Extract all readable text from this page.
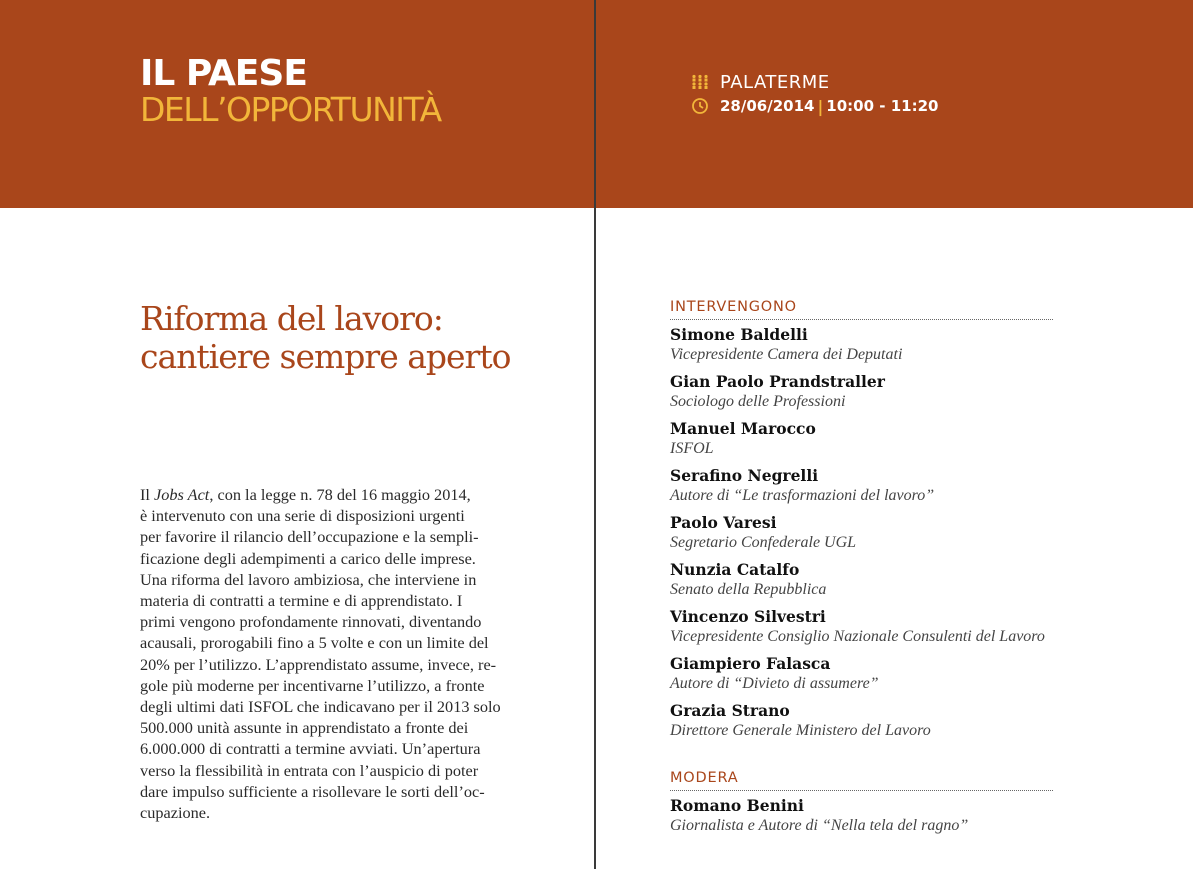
IL PAESE
DELL’OPPORTUNITÀ
PALATERME
28/06/2014 | 10:00 - 11:20
Riforma del lavoro:
cantiere sempre aperto
Il Jobs Act, con la legge n. 78 del 16 maggio 2014,
è intervenuto con una serie di disposizioni urgenti
per favorire il rilancio dell’occupazione e la sempli-
ficazione degli adempimenti a carico delle imprese.
Una riforma del lavoro ambiziosa, che interviene in
materia di contratti a termine e di apprendistato. I
primi vengono profondamente rinnovati, diventando
acausali, prorogabili fino a 5 volte e con un limite del
20% per l’utilizzo. L’apprendistato assume, invece, re-
gole più moderne per incentivarne l’utilizzo, a fronte
degli ultimi dati ISFOL che indicavano per il 2013 solo
500.000 unità assunte in apprendistato a fronte dei
6.000.000 di contratti a termine avviati. Un’apertura
verso la flessibilità in entrata con l’auspicio di poter
dare impulso sufficiente a risollevare le sorti dell’oc-
cupazione.
INTERVENGONO
Simone Baldelli
Vicepresidente Camera dei Deputati
Gian Paolo Prandstraller
Sociologo delle Professioni
Manuel Marocco
ISFOL
Serafino Negrelli
Autore di “Le trasformazioni del lavoro”
Paolo Varesi
Segretario Confederale UGL
Nunzia Catalfo
Senato della Repubblica
Vincenzo Silvestri
Vicepresidente Consiglio Nazionale Consulenti del Lavoro
Giampiero Falasca
Autore di “Divieto di assumere”
Grazia Strano
Direttore Generale Ministero del Lavoro
MODERA
Romano Benini
Giornalista e Autore di “Nella tela del ragno”
